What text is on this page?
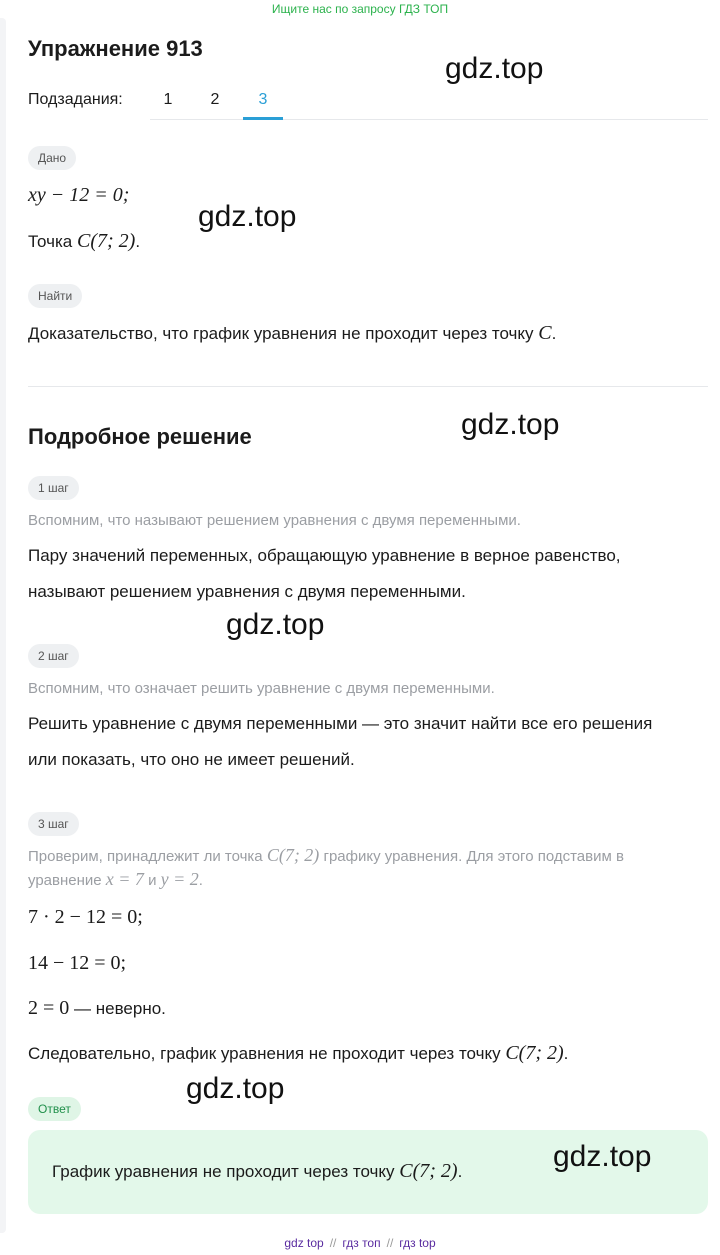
Ищите нас по запросу ГДЗ ТОП
Упражнение 913
Подзадания:	1	2	3
Дано
xy − 12 = 0;
Точка C(7; 2).
Найти
Доказательство, что график уравнения не проходит через точку C.
Подробное решение
1 шаг
Вспомним, что называют решением уравнения с двумя переменными.
Пару значений переменных, обращающую уравнение в верное равенство,
называют решением уравнения с двумя переменными.
2 шаг
Вспомним, что означает решить уравнение с двумя переменными.
Решить уравнение с двумя переменными — это значит найти все его решения
или показать, что оно не имеет решений.
3 шаг
Проверим, принадлежит ли точка C(7; 2) графику уравнения. Для этого подставим в
уравнение x = 7 и y = 2.
7 · 2 − 12 = 0;
14 − 12 = 0;
2 = 0 — неверно.
Следовательно, график уравнения не проходит через точку C(7; 2).
Ответ
График уравнения не проходит через точку C(7; 2).
gdz.top
gdz.top
gdz.top
gdz.top
gdz.top
gdz.top
gdz top // гдз топ // гдз top
